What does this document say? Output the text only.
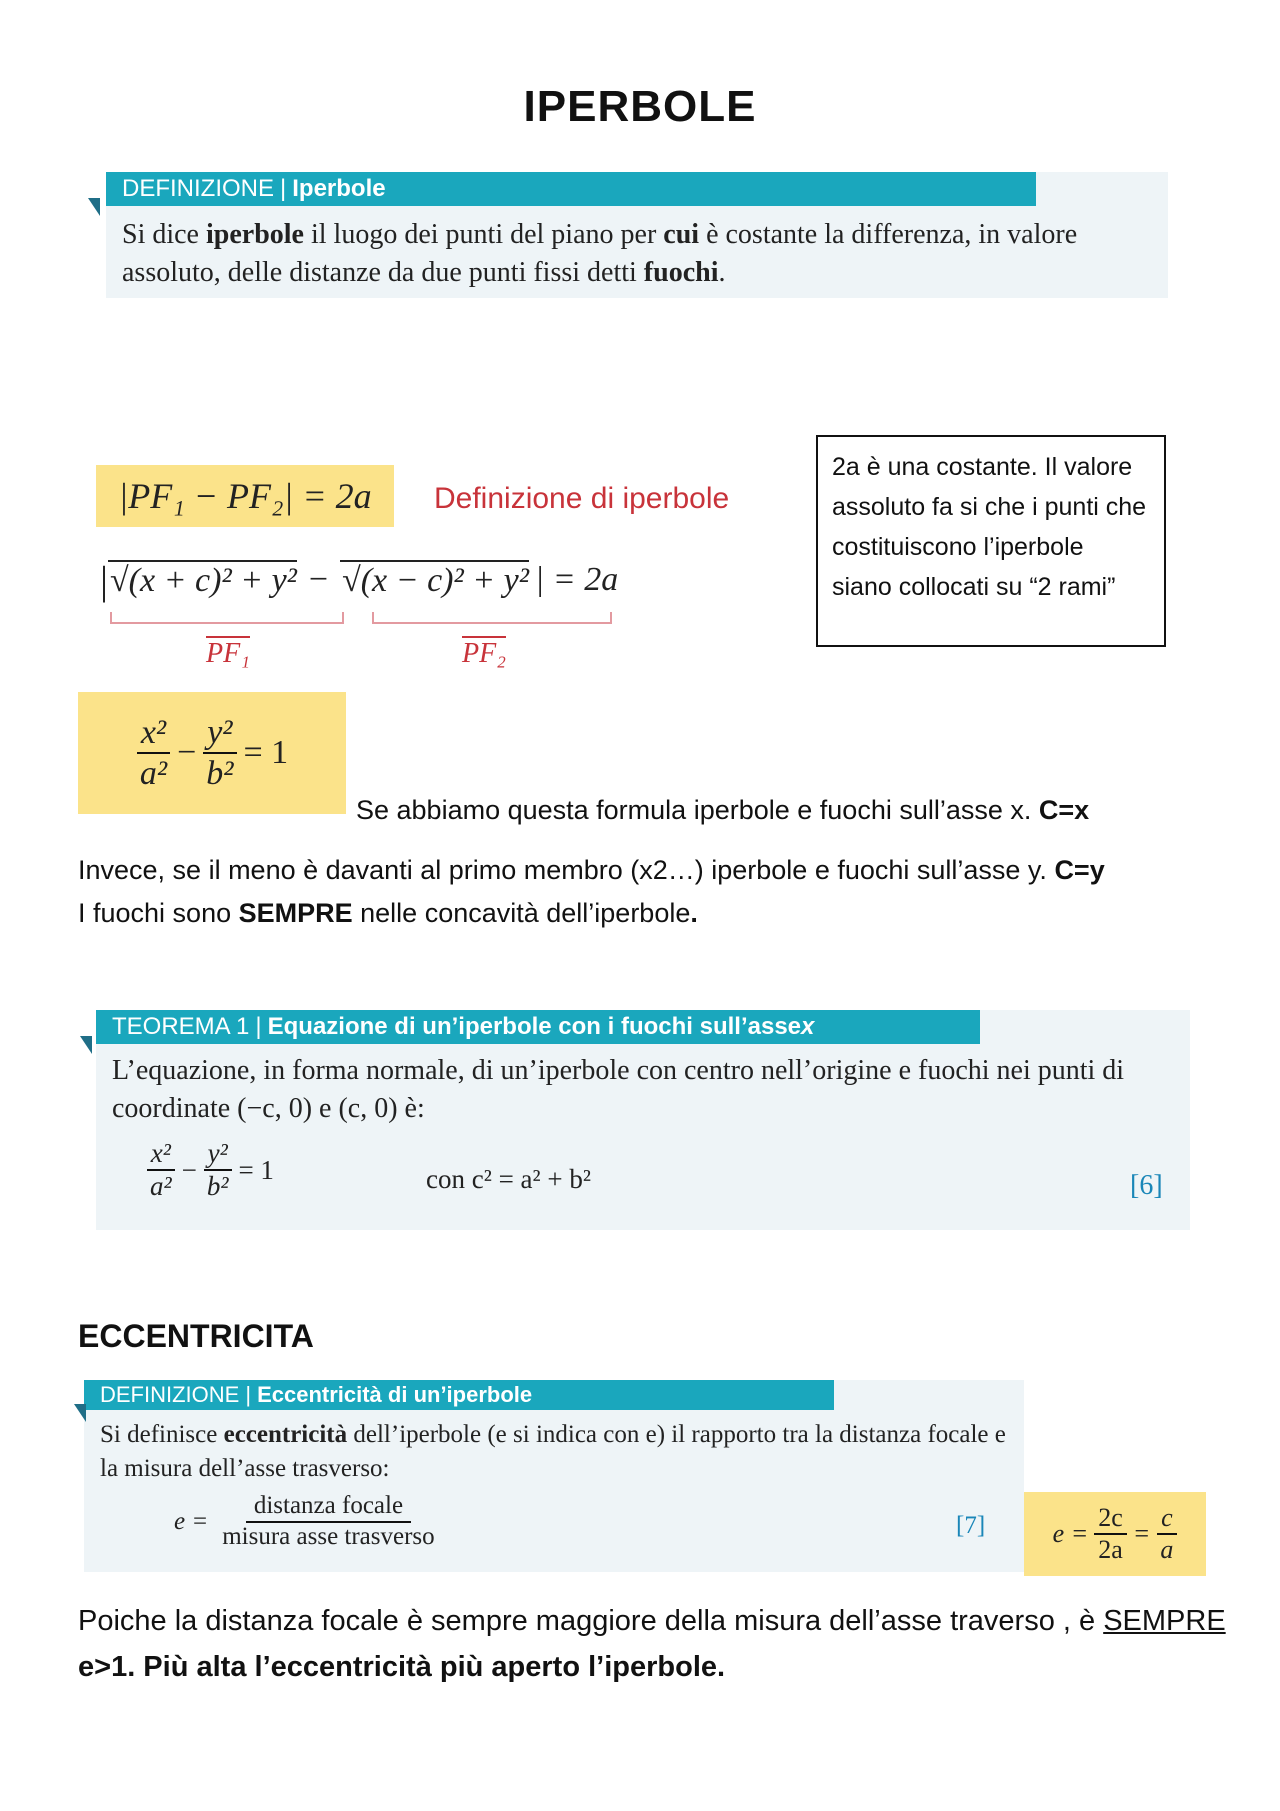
IPERBOLE
DEFINIZIONE | Iperbole
Si dice iperbole il luogo dei punti del piano per cui è costante la differenza, in valore assoluto, delle distanze da due punti fissi detti fuochi.
|PF₁ − PF₂| = 2a Definizione di iperbole
| √(x + c)² + y² − √(x − c)² + y² | = 2a
PF₁	PF₂
2a è una costante. Il valore assoluto fa si che i punti che costituiscono l’iperbole siano collocati su “2 rami”
$\frac{\text{x²}}{\text{a²}} - \frac{\text{y²}}{\text{b²}} = 1$
Se abbiamo questa formula iperbole e fuochi sull’asse x. C=x
Invece, se il meno è davanti al primo membro (x2…) iperbole e fuochi sull’asse y. C=y
I fuochi sono SEMPRE nelle concavità dell’iperbole.
TEOREMA 1 | Equazione di un’iperbole con i fuochi sull’asse x
L’equazione, in forma normale, di un’iperbole con centro nell’origine e fuochi nei punti di coordinate (−c, 0) e (c, 0) è:
$\frac{\text{x²}}{\text{a²}} - \frac{\text{y²}}{\text{b²}} = 1$	con c² = a² + b²	[6]
ECCENTRICITA
DEFINIZIONE | Eccentricità di un’iperbole
Si definisce eccentricità dell’iperbole (e si indica con e) il rapporto tra la distanza focale e la misura dell’asse trasverso:
$e = \frac{\text{distanza focale}}{\text{misura asse trasverso}}$	[7]	$e = \frac{2c}{2a} = \frac{c}{a}$
Poiche la distanza focale è sempre maggiore della misura dell’asse traverso , è SEMPRE e>1. Più alta l’eccentricità più aperto l’iperbole.
